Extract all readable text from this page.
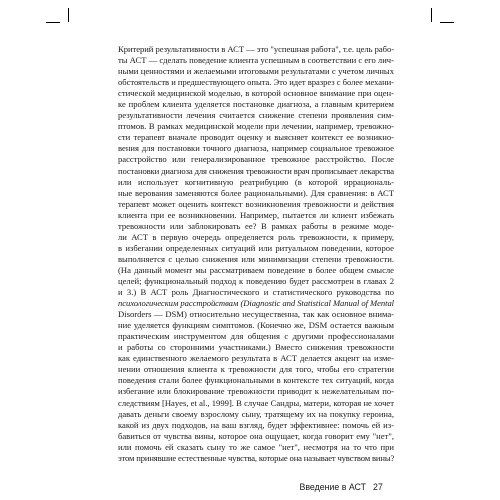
Критерий результативности в АСТ — это "успешная работа", т.е. цель рабо-
ты АСТ — сделать поведение клиента успешным в соответствии с его лич-
ными ценностями и желаемыми итоговыми результатами с учетом личных
обстоятельств и предшествующего опыта. Это идет вразрез с более механи-
стической медицинской моделью, в которой основное внимание при оцен-
ке проблем клиента уделяется постановке диагноза, а главным критерием
результативности лечения считается снижение степени проявления сим-
птомов. В рамках медицинской модели при лечении, например, тревожно-
сти терапевт вначале проводит оценку и выясняет контекст ее возникно-
вения для постановки точного диагноза, например социальное тревожное
расстройство или генерализированное тревожное расстройство. После
постановки диагноза для снижения тревожности врач прописывает лекарства
или использует когнитивную реатрибуцию (в которой иррациональ-
ные верования заменяются более рациональными). Для сравнения: в АСТ
терапевт может оценить контекст возникновения тревожности и действия
клиента при ее возникновении. Например, пытается ли клиент избежать
тревожности или заблокировать ее? В рамках работы в режиме моде-
ли АСТ в первую очередь определяется роль тревожности, к примеру,
в избегании определенных ситуаций или ритуальном поведении, которое
выполняется с целью снижения или минимизации степени тревожности.
(На данный момент мы рассматриваем поведение в более общем смысле
целей; функциональный подход к поведению будет рассмотрен в главах 2
и 3.) В АСТ роль Диагностического и статистического руководства по
психологическим расстройствам (Diagnostic and Statistical Manual of Mental
Disorders — DSM) относительно несущественна, так как основное внима-
ние уделяется функциям симптомов. (Конечно же, DSM остается важным
практическим инструментом для общения с другими профессионалами
и работы со сторонними участниками.) Вместо снижения тревожности
как единственного желаемого результата в АСТ делается акцент на изме-
нении отношения клиента к тревожности для того, чтобы его стратегии
поведения стали более функциональными в контексте тех ситуаций, когда
избегание или блокирование тревожности приводит к нежелательным по-
следствиям [Hayes, et al., 1999]. В случае Сандры, матери, которая не хочет
давать деньги своему взрослому сыну, тратящему их на покупку героина,
какой из двух подходов, на ваш взгляд, будет эффективнее: помочь ей из-
бавиться от чувства вины, которое она ощущает, когда говорит ему "нет",
или помочь ей сказать сыну то же самое "нет", несмотря на то что при
этом принявшие естественные чувства, которые она называет чувством вины?
Введение в АСТ 27
